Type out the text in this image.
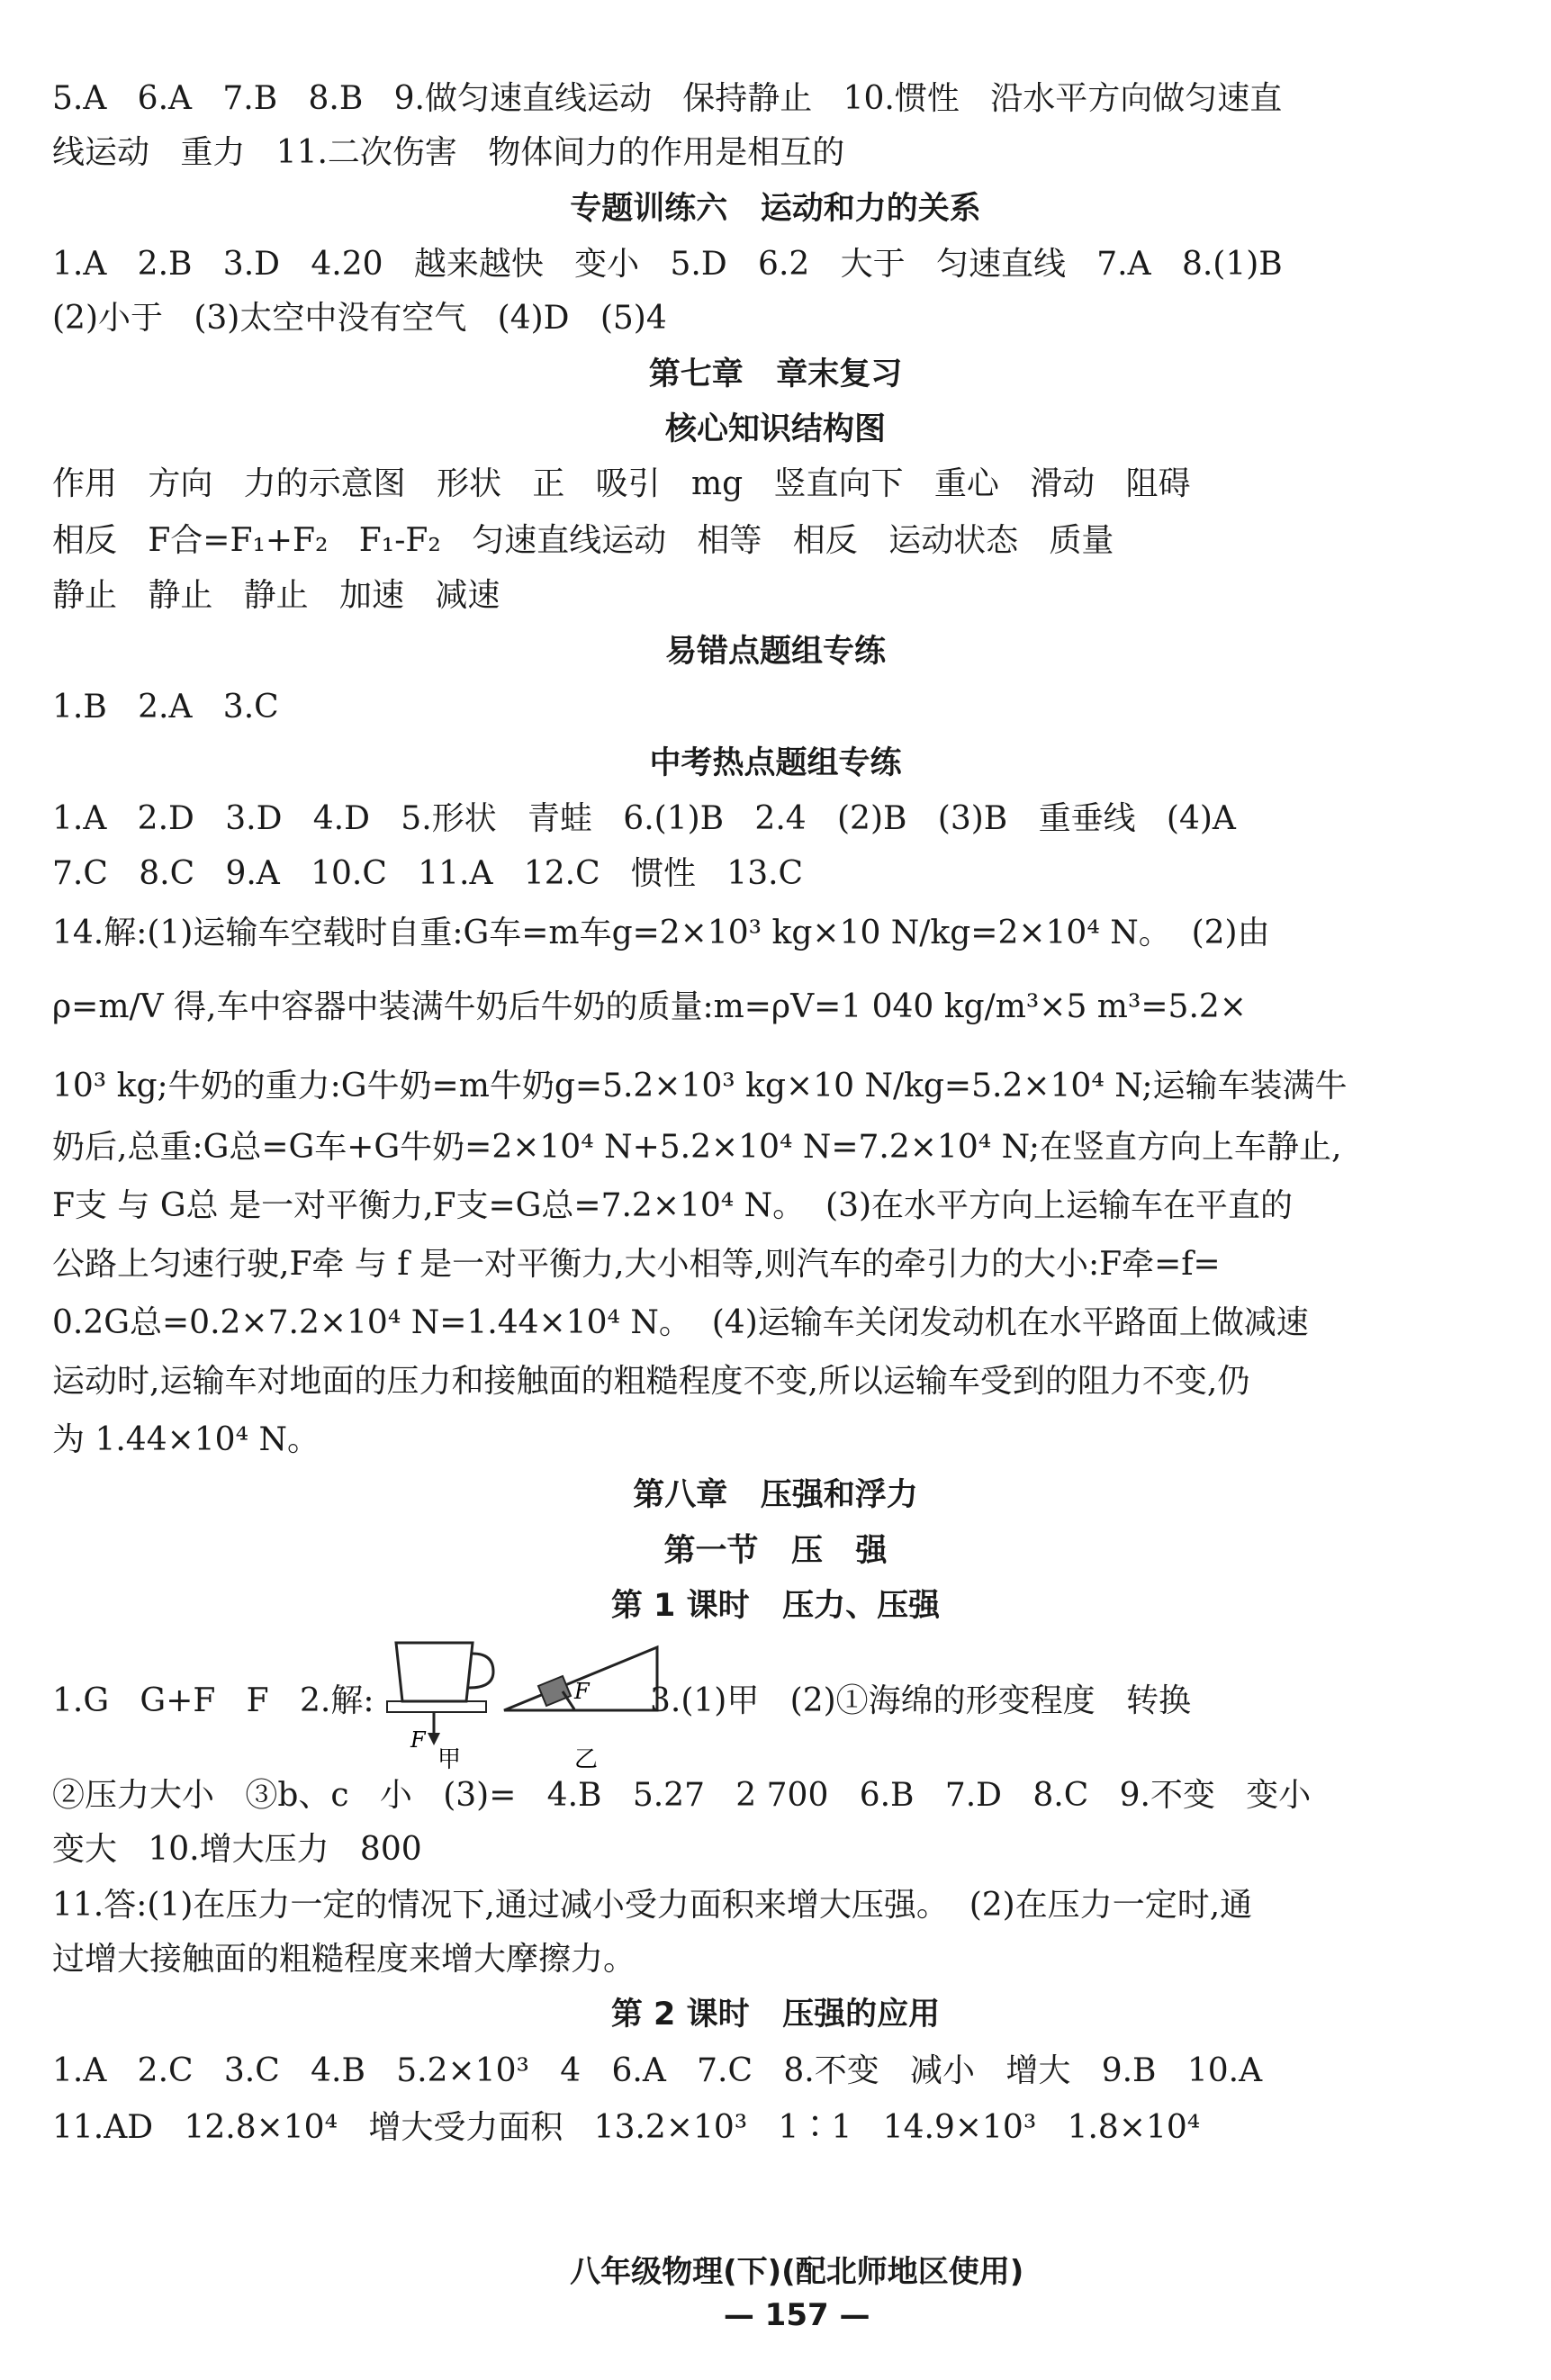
5.A   6.A   7.B   8.B   9.做匀速直线运动   保持静止   10.惯性   沿水平方向做匀速直
线运动   重力   11.二次伤害   物体间力的作用是相互的
专题训练六   运动和力的关系
1.A   2.B   3.D   4.20   越来越快   变小   5.D   6.2   大于   匀速直线   7.A   8.(1)B
(2)小于   (3)太空中没有空气   (4)D   (5)4
第七章   章末复习
核心知识结构图
作用   方向   力的示意图   形状   正   吸引   mg   竖直向下   重心   滑动   阻碍
相反   F合=F₁+F₂   F₁-F₂   匀速直线运动   相等   相反   运动状态   质量
静止   静止   静止   加速   减速
易错点题组专练
1.B   2.A   3.C
中考热点题组专练
1.A   2.D   3.D   4.D   5.形状   青蛙   6.(1)B   2.4   (2)B   (3)B   重垂线   (4)A
7.C   8.C   9.A   10.C   11.A   12.C   惯性   13.C
14.解:(1)运输车空载时自重:G车=m车g=2×10³ kg×10 N/kg=2×10⁴ N。  (2)由
ρ=m/V 得,车中容器中装满牛奶后牛奶的质量:m=ρV=1 040 kg/m³×5 m³=5.2×
10³ kg;牛奶的重力:G牛奶=m牛奶g=5.2×10³ kg×10 N/kg=5.2×10⁴ N;运输车装满牛
奶后,总重:G总=G车+G牛奶=2×10⁴ N+5.2×10⁴ N=7.2×10⁴ N;在竖直方向上车静止,
F支 与 G总 是一对平衡力,F支=G总=7.2×10⁴ N。  (3)在水平方向上运输车在平直的
公路上匀速行驶,F牵 与 f 是一对平衡力,大小相等,则汽车的牵引力的大小:F牵=f=
0.2G总=0.2×7.2×10⁴ N=1.44×10⁴ N。  (4)运输车关闭发动机在水平路面上做减速
运动时,运输车对地面的压力和接触面的粗糙程度不变,所以运输车受到的阻力不变,仍
为 1.44×10⁴ N。
第八章   压强和浮力
第一节   压   强
第 1 课时   压力、压强
1.G   G+F   F   2.解:
F
甲
F
乙
3.(1)甲   (2)①海绵的形变程度   转换
②压力大小   ③b、c   小   (3)=   4.B   5.27   2 700   6.B   7.D   8.C   9.不变   变小
变大   10.增大压力   800
11.答:(1)在压力一定的情况下,通过减小受力面积来增大压强。  (2)在压力一定时,通
过增大接触面的粗糙程度来增大摩擦力。
第 2 课时   压强的应用
1.A   2.C   3.C   4.B   5.2×10³   4   6.A   7.C   8.不变   减小   增大   9.B   10.A
11.AD   12.8×10⁴   增大受力面积   13.2×10³   1∶1   14.9×10³   1.8×10⁴

八年级物理(下)(配北师地区使用)
— 157 —
